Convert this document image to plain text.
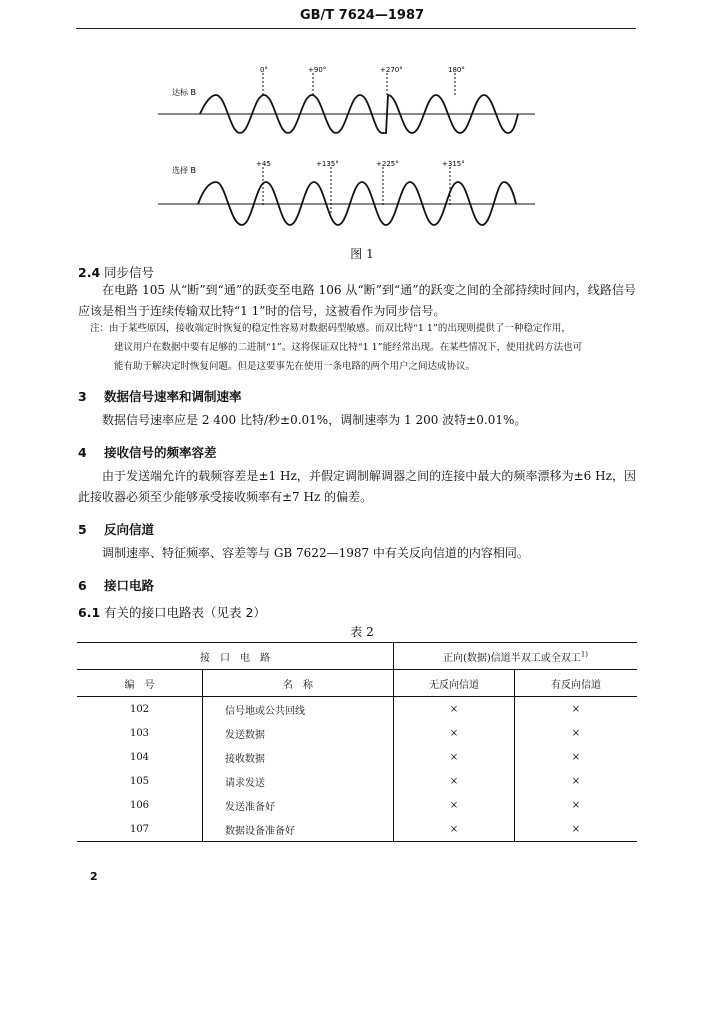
GB/T 7624—1987
达标 B
0°	+90°	+270°	180°
选择 B
+45	+135°	+225°	+315°
图 1
2.4 同步信号
在电路 105 从“断”到“通”的跃变至电路 106 从“断”到“通”的跃变之间的全部持续时间内，线路信号应该是相当于连续传输双比特“1 1”时的信号，这被看作为同步信号。
注：由于某些原因，接收端定时恢复的稳定性容易对数据码型敏感。而双比特“1 1”的出现则提供了一种稳定作用，
建议用户在数据中要有足够的二进制“1”。这将保证双比特“1 1”能经常出现。在某些情况下，使用扰码方法也可
能有助于解决定时恢复问题。但是这要事先在使用一条电路的两个用户之间达成协议。
3 数据信号速率和调制速率
数据信号速率应是 2 400 比特/秒±0.01%，调制速率为 1 200 波特±0.01%。
4 接收信号的频率容差
由于发送端允许的载频容差是±1 Hz，并假定调制解调器之间的连接中最大的频率漂移为±6 Hz，因此接收器必须至少能够承受接收频率有±7 Hz 的偏差。
5 反向信道
调制速率、特征频率、容差等与 GB 7622—1987 中有关反向信道的内容相同。
6 接口电路
6.1 有关的接口电路表（见表 2）
表 2
接　口　电　路		正向(数据)信道半双工或全双工$^{1)}$
编　号	名　称	无反向信道	有反向信道
102	信号地或公共回线	×	×
103	发送数据	×	×
104	接收数据	×	×
105	请求发送	×	×
106	发送准备好	×	×
107	数据设备准备好	×	×
2
